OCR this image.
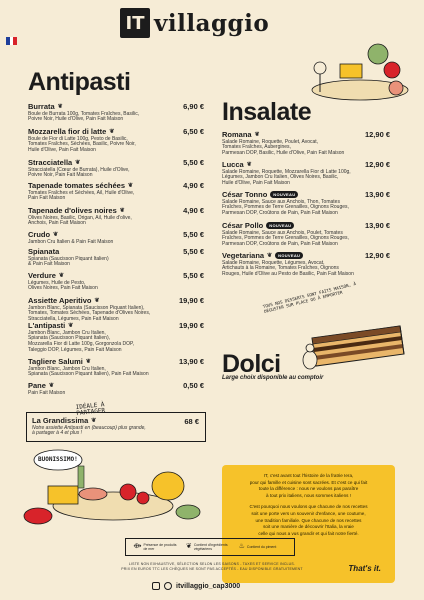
IT villaggio
Antipasti
Burrata ❦	6,90 €
Boule de Burrata 100g, Tomates Fraîches, Basilic,
Poivre Noir, Huile d'Olive, Pain Fait Maison
Mozzarella fior di latte ❦	6,50 €
Boule de Fior di Latte 100g, Pesto de Basilic,
Tomates Fraîches, Sèchées, Basilic, Poivre Noir,
Huile d'Olive, Pain Fait Maison
Stracciatella ❦	5,50 €
Stracciatella (Cœur de Burrata), Huile d'Olive,
Poivre Noir, Pain Fait Maison
Tapenade tomates séchées ❦	4,90 €
Tomates Fraîches et Sèchées, Ail, Huile d'Olive,
Pain Fait Maison
Tapenade d'olives noires ❦	4,90 €
Olives Noires, Basilic, Origan, Ail, Huile d'olive,
Anchois, Pain Fait Maison
Crudo ❦	5,50 €
Jambon Cru Italien & Pain Fait Maison
Spianata	5,50 €
Spianata (Saucisson Piquant Italien)
& Pain Fait Maison
Verdure ❦	5,50 €
Légumes, Huile de Pesto,
Olives Noires, Pain Fait Maison
Assiette Aperitivo ❦	19,90 €
Jambon Blanc, Spianata (Saucisson Piquant Italien),
Tomates, Tomates Sèchées, Tapenade d'Olives Noires,
Stracciatella, Légumes, Pain Fait Maison
L'antipasti ❦	19,90 €
Jambon Blanc, Jambon Cru Italien,
Spianata (Saucisson Piquant Italien),
Mozzarella Fior di Latte 100g, Gorgonzola DOP,
Taleggio DOP, Légumes, Pain Fait Maison
Tagliere Salumi ❦	13,90 €
Jambon Blanc, Jambon Cru Italien,
Spianata (Saucisson Piquant Italien), Pain Fait Maison
Pane ❦	0,50 €
Pain Fait Maison
Insalate
Romana ❦	12,90 €
Salade Romaine, Roquette, Poulet, Avocat,
Tomates Fraîches, Aubergines,
Parmesan DOP, Basilic, Huile d'Olive, Pain Fait Maison
Lucca ❦	12,90 €
Salade Romaine, Roquette, Mozzarella Fior di Latte 100g,
Légumes, Jambon Cru Italien, Olives Noires, Basilic,
Huile d'Olive, Pain Fait Maison
César Tonno	NOUVEAU	13,90 €
Salade Romaine, Sauce aux Anchois, Thon, Tomates
Fraîches, Pommes de Terre Grenailles, Oignons Rouges,
Parmesan DOP, Croûtons de Pain, Pain Fait Maison
César Pollo	NOUVEAU	13,90 €
Salade Romaine, Sauce aux Anchois, Poulet, Tomates
Fraîches, Pommes de Terre Grenailles, Oignons Rouges,
Parmesan DOP, Croûtons de Pain, Pain Fait Maison
Vegetariana ❦	NOUVEAU	12,90 €
Salade Romaine, Roquette, Légumes, Avocat,
Artichauts à la Romaine, Tomates Fraîches, Oignons
Rouges, Huile d'Olive au Pesto de Basilic, Pain Fait Maison
TOUS NOS DESSERTS SONT FAITS MAISON, À DÉGUSTER SUR PLACE OU À EMPORTER
Dolci
Large choix disponible au comptoir
IDÉALE À PARTAGER
La Grandissima ❦
Notre assiette Antipasti en (beaucoup) plus grande,
à partager à 4 et plus !
68 €
BUONISSIMO!

IT, c'est avant tout l'histoire de la fratrie Iera,
pour qui famille et cuisine sont sacrées. Et c'est ce qui fait
toute la différence : nous ne voulons pas paraître
à tout prix italiens, nous sommes italiens !

C'est pourquoi nous voulons que chacune de nos recettes
soit une porte vers un souvenir d'enfance, une coutume,
une tradition familiale. Que chacune de nos recettes
soit une manière de découvrir l'Italia, la vraie
celle qui nous a vus grandir et qui fait notre fierté.

That's it.
⟴ Présence de produits de mer	❦ Contient d'ingrédients végétariens	♨ Contient du piment
LISTE NON EXHAUSTIVE, SÉLECTION SELON LES SAISONS - TAXES ET SERVICE INCLUS.
PRIX EN EUROS TTC LES CHÈQUES NE SONT PAS ACCEPTÉS - EAU DISPONIBLE GRATUITEMENT
itvillaggio_cap3000
